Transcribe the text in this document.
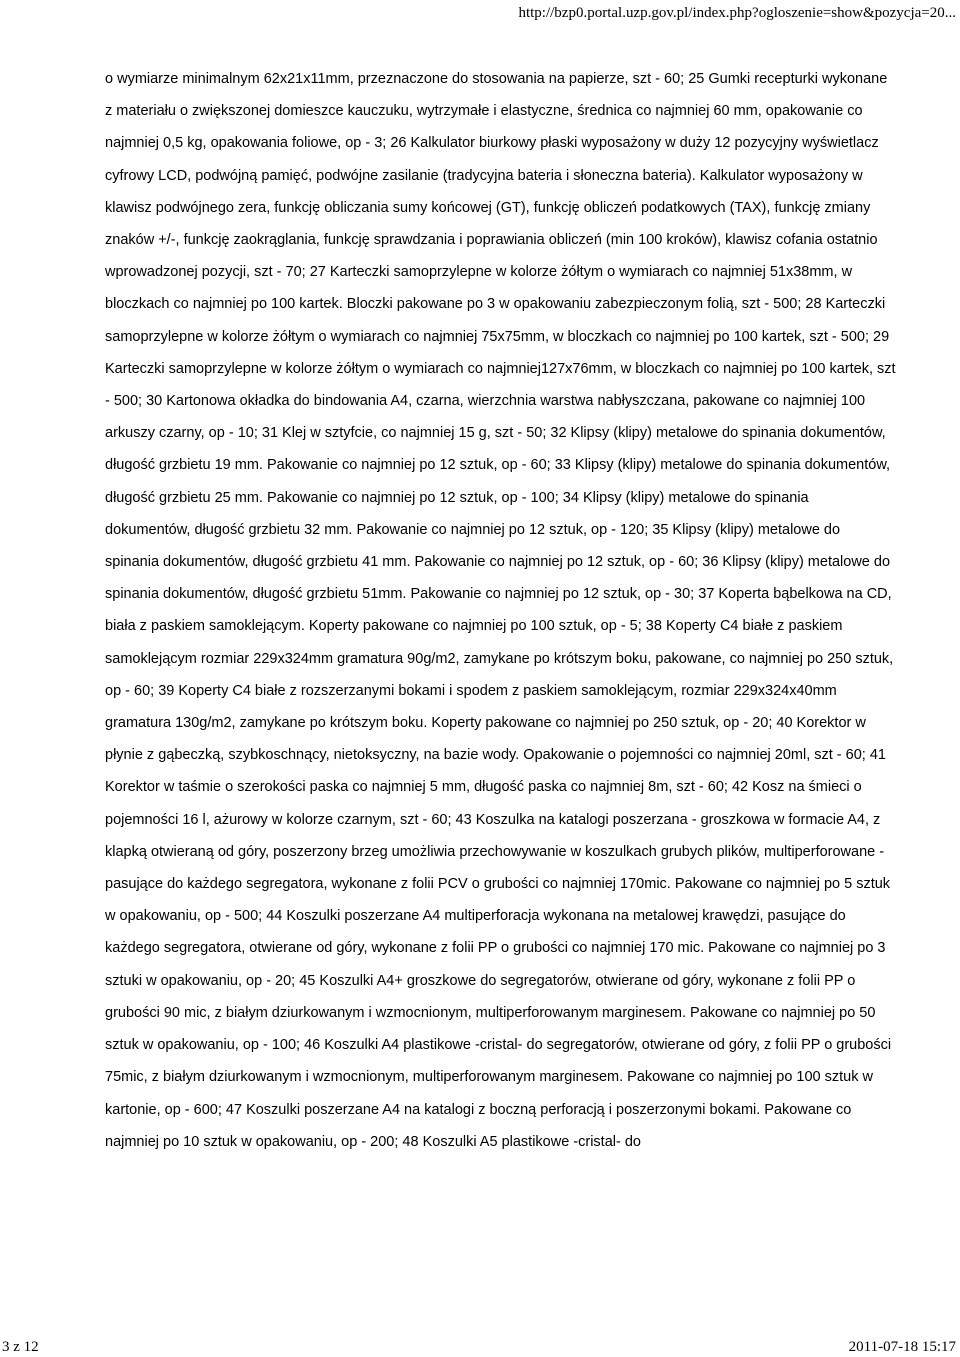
http://bzp0.portal.uzp.gov.pl/index.php?ogloszenie=show&pozycja=20...
o wymiarze minimalnym 62x21x11mm, przeznaczone do stosowania na papierze, szt - 60; 25 Gumki recepturki wykonane z materiału o zwiększonej domieszce kauczuku, wytrzymałe i elastyczne, średnica co najmniej 60 mm, opakowanie co najmniej 0,5 kg, opakowania foliowe, op - 3; 26 Kalkulator biurkowy płaski wyposażony w duży 12 pozycyjny wyświetlacz cyfrowy LCD, podwójną pamięć, podwójne zasilanie (tradycyjna bateria i słoneczna bateria). Kalkulator wyposażony w klawisz podwójnego zera, funkcję obliczania sumy końcowej (GT), funkcję obliczeń podatkowych (TAX), funkcję zmiany znaków +/-, funkcję zaokrąglania, funkcję sprawdzania i poprawiania obliczeń (min 100 kroków), klawisz cofania ostatnio wprowadzonej pozycji, szt - 70; 27 Karteczki samoprzylepne w kolorze żółtym o wymiarach co najmniej 51x38mm, w bloczkach co najmniej po 100 kartek. Bloczki pakowane po 3 w opakowaniu zabezpieczonym folią, szt - 500; 28 Karteczki samoprzylepne w kolorze żółtym o wymiarach co najmniej 75x75mm, w bloczkach co najmniej po 100 kartek, szt - 500; 29 Karteczki samoprzylepne w kolorze żółtym o wymiarach co najmniej127x76mm, w bloczkach co najmniej po 100 kartek, szt - 500; 30 Kartonowa okładka do bindowania A4, czarna, wierzchnia warstwa nabłyszczana, pakowane co najmniej 100 arkuszy czarny, op - 10; 31 Klej w sztyfcie, co najmniej 15 g, szt - 50; 32 Klipsy (klipy) metalowe do spinania dokumentów, długość grzbietu 19 mm. Pakowanie co najmniej po 12 sztuk, op - 60; 33 Klipsy (klipy) metalowe do spinania dokumentów, długość grzbietu 25 mm. Pakowanie co najmniej po 12 sztuk, op - 100; 34 Klipsy (klipy) metalowe do spinania dokumentów, długość grzbietu 32 mm. Pakowanie co najmniej po 12 sztuk, op - 120; 35 Klipsy (klipy) metalowe do spinania dokumentów, długość grzbietu 41 mm. Pakowanie co najmniej po 12 sztuk, op - 60; 36 Klipsy (klipy) metalowe do spinania dokumentów, długość grzbietu 51mm. Pakowanie co najmniej po 12 sztuk, op - 30; 37 Koperta bąbelkowa na CD, biała z paskiem samoklejącym. Koperty pakowane co najmniej po 100 sztuk, op - 5; 38 Koperty C4 białe z paskiem samoklejącym rozmiar 229x324mm gramatura 90g/m2, zamykane po krótszym boku, pakowane, co najmniej po 250 sztuk, op - 60; 39 Koperty C4 białe z rozszerzanymi bokami i spodem z paskiem samoklejącym, rozmiar 229x324x40mm gramatura 130g/m2, zamykane po krótszym boku. Koperty pakowane co najmniej po 250 sztuk, op - 20; 40 Korektor w płynie z gąbeczką, szybkoschnący, nietoksyczny, na bazie wody. Opakowanie o pojemności co najmniej 20ml, szt - 60; 41 Korektor w taśmie o szerokości paska co najmniej 5 mm, długość paska co najmniej 8m, szt - 60; 42 Kosz na śmieci o pojemności 16 l, ażurowy w kolorze czarnym, szt - 60; 43 Koszulka na katalogi poszerzana - groszkowa w formacie A4, z klapką otwieraną od góry, poszerzony brzeg umożliwia przechowywanie w koszulkach grubych plików, multiperforowane - pasujące do każdego segregatora, wykonane z folii PCV o grubości co najmniej 170mic. Pakowane co najmniej po 5 sztuk w opakowaniu, op - 500; 44 Koszulki poszerzane A4 multiperforacja wykonana na metalowej krawędzi, pasujące do każdego segregatora, otwierane od góry, wykonane z folii PP o grubości co najmniej 170 mic. Pakowane co najmniej po 3 sztuki w opakowaniu, op - 20; 45 Koszulki A4+ groszkowe do segregatorów, otwierane od góry, wykonane z folii PP o grubości 90 mic, z białym dziurkowanym i wzmocnionym, multiperforowanym marginesem. Pakowane co najmniej po 50 sztuk w opakowaniu, op - 100; 46 Koszulki A4 plastikowe -cristal- do segregatorów, otwierane od góry, z folii PP o grubości 75mic, z białym dziurkowanym i wzmocnionym, multiperforowanym marginesem. Pakowane co najmniej po 100 sztuk w kartonie, op - 600; 47 Koszulki poszerzane A4 na katalogi z boczną perforacją i poszerzonymi bokami. Pakowane co najmniej po 10 sztuk w opakowaniu, op - 200; 48 Koszulki A5 plastikowe -cristal- do
3 z 12	2011-07-18 15:17
